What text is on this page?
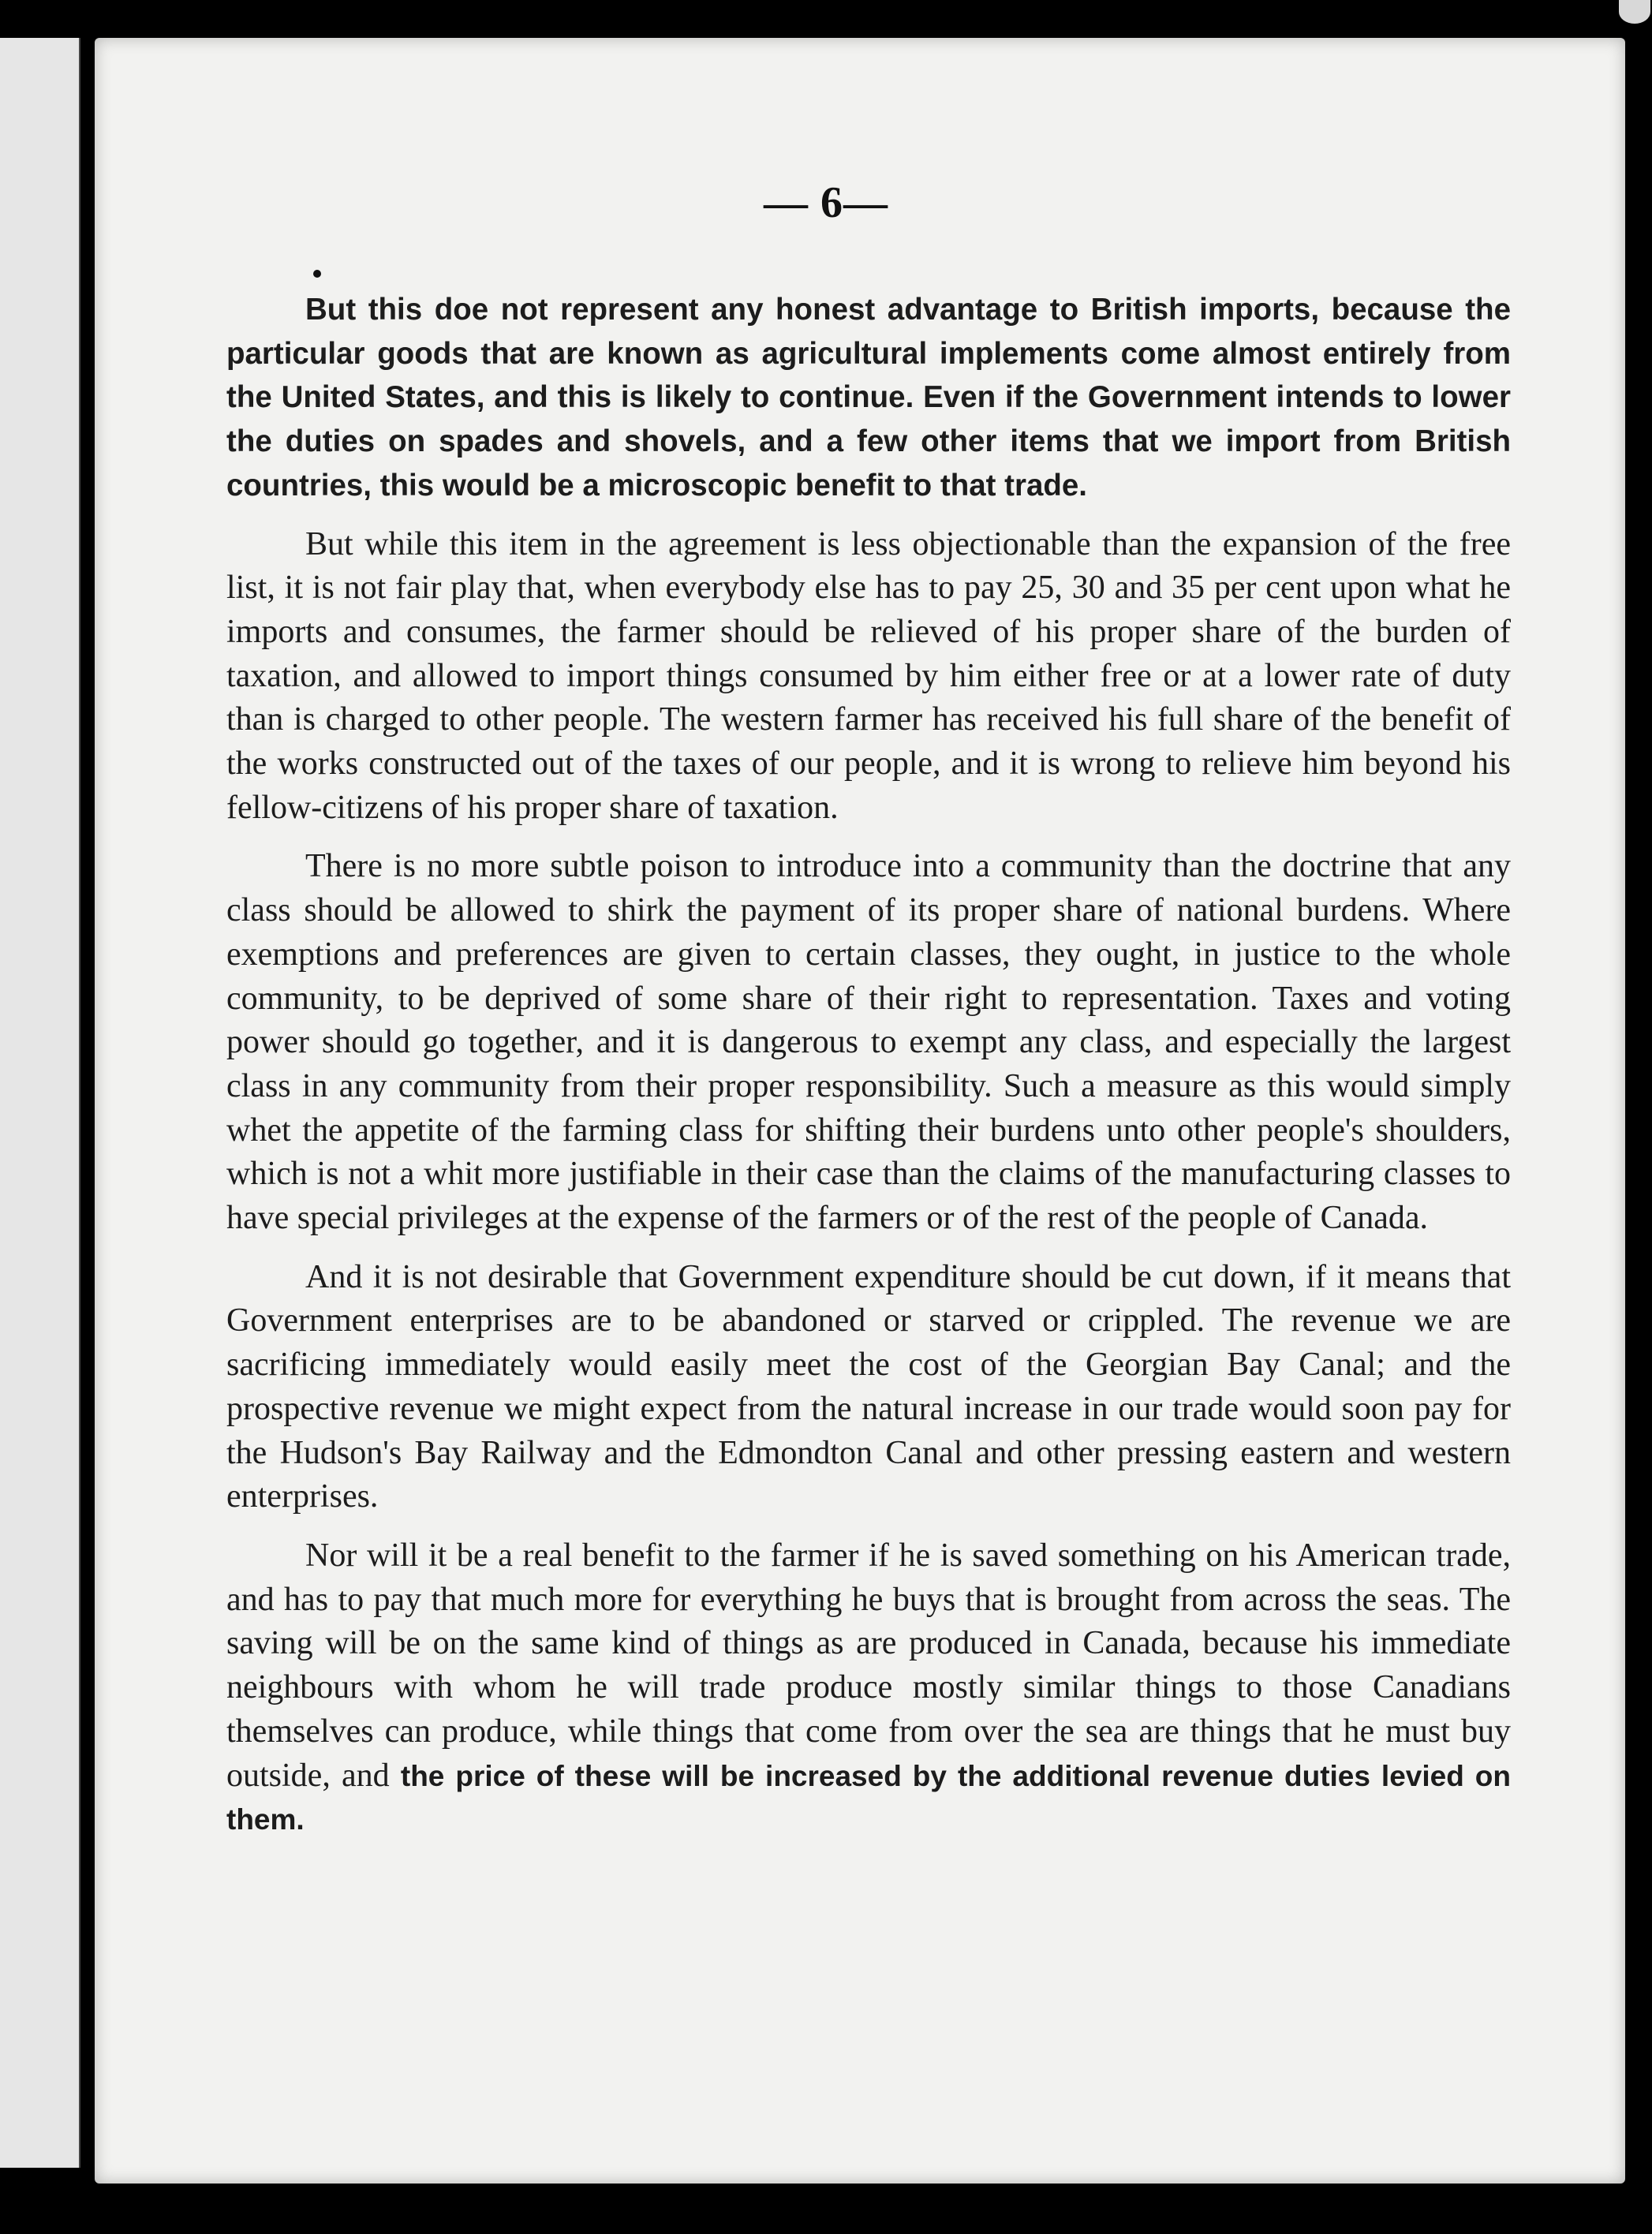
— 6—

But this doe not represent any honest advantage to British imports, because the particular goods that are known as agricultural implements come almost entirely from the United States, and this is likely to continue. Even if the Government intends to lower the duties on spades and shovels, and a few other items that we import from British countries, this would be a microscopic benefit to that trade.

But while this item in the agreement is less objectionable than the expansion of the free list, it is not fair play that, when everybody else has to pay 25, 30 and 35 per cent upon what he imports and consumes, the farmer should be relieved of his proper share of the burden of taxation, and allowed to import things consumed by him either free or at a lower rate of duty than is charged to other people. The western farmer has received his full share of the benefit of the works constructed out of the taxes of our people, and it is wrong to relieve him beyond his fellow-citizens of his proper share of taxation.

There is no more subtle poison to introduce into a community than the doctrine that any class should be allowed to shirk the payment of its proper share of national burdens. Where exemptions and preferences are given to certain classes, they ought, in justice to the whole community, to be deprived of some share of their right to representation. Taxes and voting power should go together, and it is dangerous to exempt any class, and especially the largest class in any community from their proper responsibility. Such a measure as this would simply whet the appetite of the farming class for shifting their burdens unto other people's shoulders, which is not a whit more justifiable in their case than the claims of the manufacturing classes to have special privileges at the expense of the farmers or of the rest of the people of Canada.

And it is not desirable that Government expenditure should be cut down, if it means that Government enterprises are to be abandoned or starved or crippled. The revenue we are sacrificing immediately would easily meet the cost of the Georgian Bay Canal; and the prospective revenue we might expect from the natural increase in our trade would soon pay for the Hudson's Bay Railway and the Edmondton Canal and other pressing eastern and western enterprises.

Nor will it be a real benefit to the farmer if he is saved something on his American trade, and has to pay that much more for everything he buys that is brought from across the seas. The saving will be on the same kind of things as are produced in Canada, because his immediate neighbours with whom he will trade produce mostly similar things to those Canadians themselves can produce, while things that come from over the sea are things that he must buy outside, and the price of these will be increased by the additional revenue duties levied on them.
